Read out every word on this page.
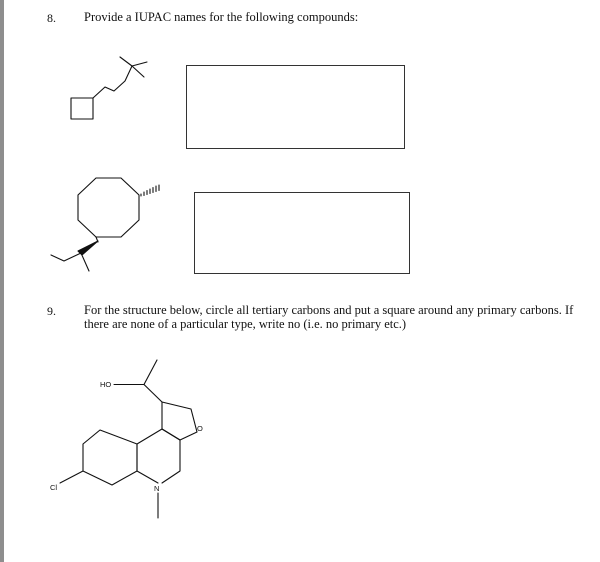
8. Provide a IUPAC names for the following compounds:
9. For the structure below, circle all tertiary carbons and put a square around any primary carbons. If there are none of a particular type, write no (i.e. no primary etc.)
HO
O
Cl	N
